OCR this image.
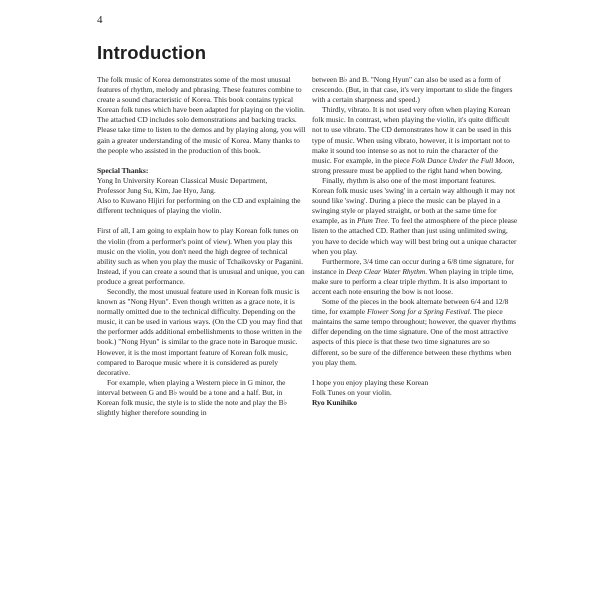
4
Introduction

The folk music of Korea demonstrates some of the most unusual features of rhythm, melody and phrasing. These features combine to create a sound characteristic of Korea. This book contains typical Korean folk tunes which have been adapted for playing on the violin. The attached CD includes solo demonstrations and backing tracks. Please take time to listen to the demos and by playing along, you will gain a greater understanding of the music of Korea. Many thanks to the people who assisted in the production of this book.

Special Thanks:

Yong In University Korean Classical Music Department,

Professor Jung Su, Kim, Jae Hyo, Jang.

Also to Kuwano Hijiri for performing on the CD and explaining the different techniques of playing the violin.

First of all, I am going to explain how to play Korean folk tunes on the violin (from a performer's point of view). When you play this music on the violin, you don't need the high degree of technical ability such as when you play the music of Tchaikovsky or Paganini. Instead, if you can create a sound that is unusual and unique, you can produce a great performance.

Secondly, the most unusual feature used in Korean folk music is known as "Nong Hyun". Even though written as a grace note, it is normally omitted due to the technical difficulty. Depending on the music, it can be used in various ways. (On the CD you may find that the performer adds additional embellishments to those written in the book.) "Nong Hyun" is similar to the grace note in Baroque music. However, it is the most important feature of Korean folk music, compared to Baroque music where it is considered as purely decorative.

For example, when playing a Western piece in G minor, the interval between G and B♭ would be a tone and a half. But, in Korean folk music, the style is to slide the note and play the B♭ slightly higher therefore sounding in

between B♭ and B. "Nong Hyun" can also be used as a form of crescendo. (But, in that case, it's very important to slide the fingers with a certain sharpness and speed.)

Thirdly, vibrato. It is not used very often when playing Korean folk music. In contrast, when playing the violin, it's quite difficult not to use vibrato. The CD demonstrates how it can be used in this type of music. When using vibrato, however, it is important not to make it sound too intense so as not to ruin the character of the music. For example, in the piece Folk Dance Under the Full Moon, strong pressure must be applied to the right hand when bowing.

Finally, rhythm is also one of the most important features. Korean folk music uses 'swing' in a certain way although it may not sound like 'swing'. During a piece the music can be played in a swinging style or played straight, or both at the same time for example, as in Plum Tree. To feel the atmosphere of the piece please listen to the attached CD. Rather than just using unlimited swing, you have to decide which way will best bring out a unique character when you play.

Furthermore, 3/4 time can occur during a 6/8 time signature, for instance in Deep Clear Water Rhythm. When playing in triple time, make sure to perform a clear triple rhythm. It is also important to accent each note ensuring the bow is not loose.

Some of the pieces in the book alternate between 6/4 and 12/8 time, for example Flower Song for a Spring Festival. The piece maintains the same tempo throughout; however, the quaver rhythms differ depending on the time signature. One of the most attractive aspects of this piece is that these two time signatures are so different, so be sure of the difference between these rhythms when you play them.

I hope you enjoy playing these Korean

Folk Tunes on your violin.

Ryo Kunihiko
